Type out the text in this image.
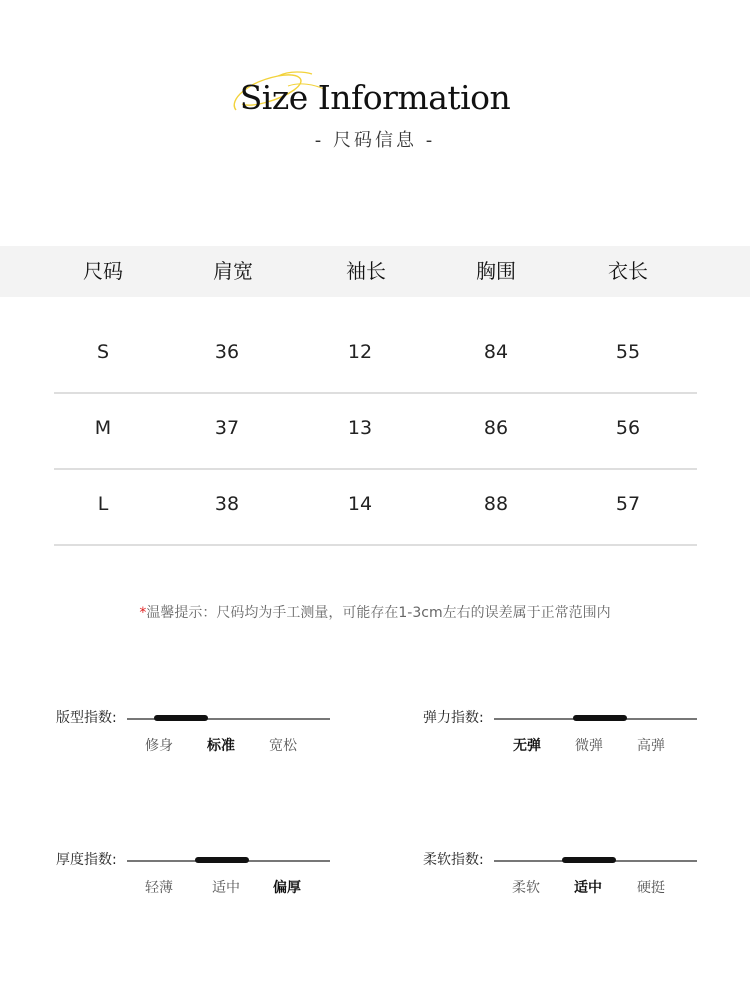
Size Information
- 尺码信息 -
尺码	肩宽	袖长	胸围	衣长
S	36	12	84	55
M	37	13	86	56
L	38	14	88	57
*温馨提示：尺码均为手工测量，可能存在1-3cm左右的误差属于正常范围内
版型指数:
修身	标准	宽松
弹力指数:
无弹	微弹	高弹
厚度指数:
轻薄	适中	偏厚
柔软指数:
柔软	适中	硬挺
